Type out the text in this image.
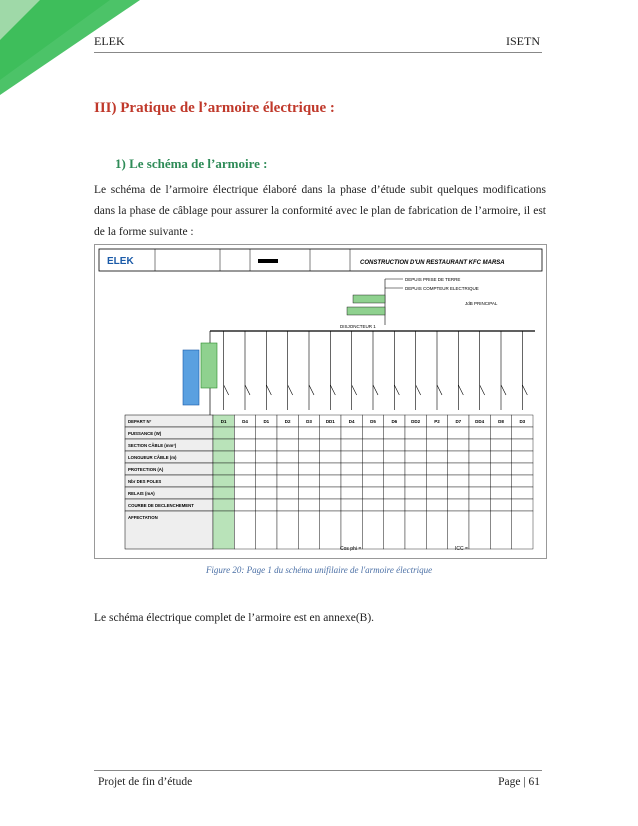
ELEK	ISETN
III) Pratique de l’armoire électrique :
1) Le schéma de l’armoire :
Le schéma de l’armoire électrique élaboré dans la phase d’étude subit quelques modifications dans la phase de câblage pour assurer la conformité avec le plan de fabrication de l’armoire, il est de la forme suivante :
ELEK	CONSTRUCTION D'UN RESTAURANT KFC MARSA
DEPUIS PRISE DE TERRE
DEPUIS COMPTEUR ELECTRIQUE
JdB PRINCIPAL
DISJONCTEUR 1
DEPART N°	D1	D4	D1	D2	D3	DD1	D4	D5	D6	DD2	P2	D7	DD4	D8	D3
PUISSANCE (W)
SECTION CÂBLE (mm²)
LONGUEUR CÂBLE (m)
PROTECTION (A)
Nbr DES POLES
RELAIS (mA)
COURBE DE DECLENCHEMENT
AFFECTATION
Cos phi =	ICC =
Figure 20: Page 1 du schéma unifilaire de l'armoire électrique
Le schéma électrique complet de l’armoire est en annexe(B).
Projet de fin d’étude	Page | 61
